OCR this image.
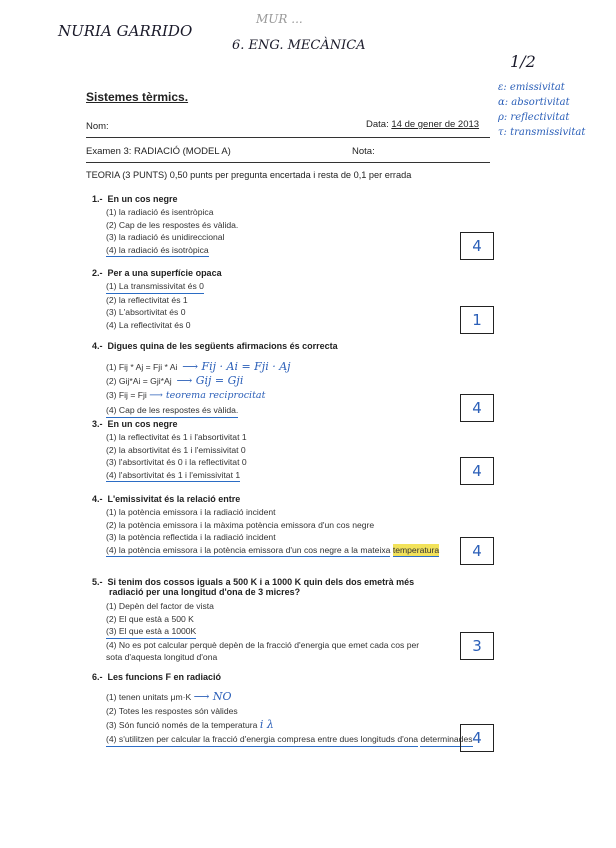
NURIA GARRIDO
MUR ...
6. ENG. MECÀNICA
1/2
ε: emissivitat
α: absortivitat
ρ: reflectivitat
τ: transmissivitat
Sistemes tèrmics.
Nom:	Data: 14 de gener de 2013
Examen 3: RADIACIÓ (MODEL A)	Nota:
TEORIA (3 PUNTS) 0,50 punts per pregunta encertada i resta de 0,1 per errada
1.- En un cos negre
(1) la radiació és isentròpica
(2) Cap de les respostes és vàlida.
(3) la radiació és unidireccional
(4) la radiació és isotròpica	4
2.- Per a una superfície opaca
(1) La transmissivitat és 0
(2) la reflectivitat és 1
(3) L'absortivitat és 0
(4) La reflectivitat és 0	1
4.- Digues quina de les següents afirmacions és correcta
(1) Fij * Aj = Fji * Ai ⟶ Fij · Ai = Fji · Aj
(2) Gij*Ai = Gji*Aj ⟶ Gij = Gji
(3) Fij = Fji ⟶ teorema reciprocitat
(4) Cap de les respostes és vàlida.	4
3.- En un cos negre
(1) la reflectivitat és 1 i l'absortivitat 1
(2) la absortivitat és 1 i l'emissivitat 0
(3) l'absortivitat és 0 i la reflectivitat 0
(4) l'absortivitat és 1 i l'emissivitat 1	4
4.- L'emissivitat és la relació entre
(1) la potència emissora i la radiació incident
(2) la potència emissora i la màxima potència emissora d'un cos negre
(3) la potència reflectida i la radiació incident
(4) la potència emissora i la potència emissora d'un cos negre a la mateixa temperatura	4
5.- Si tenim dos cossos iguals a 500 K i a 1000 K quin dels dos emetrà més
radiació per una longitud d'ona de 3 micres?
(1) Depèn del factor de vista
(2) El que està a 500 K
(3) El que està a 1000K
(4) No es pot calcular perquè depèn de la fracció d'energia que emet cada cos per
sota d'aquesta longitud d'ona
3
6.- Les funcions F en radiació
(1) tenen unitats μm·K ⟶ NO
(2) Totes les respostes són vàlides
(3) Són funció només de la temperatura i λ
(4) s'utilitzen per calcular la fracció d'energia compresa entre dues longituds d'ona determinades 4
